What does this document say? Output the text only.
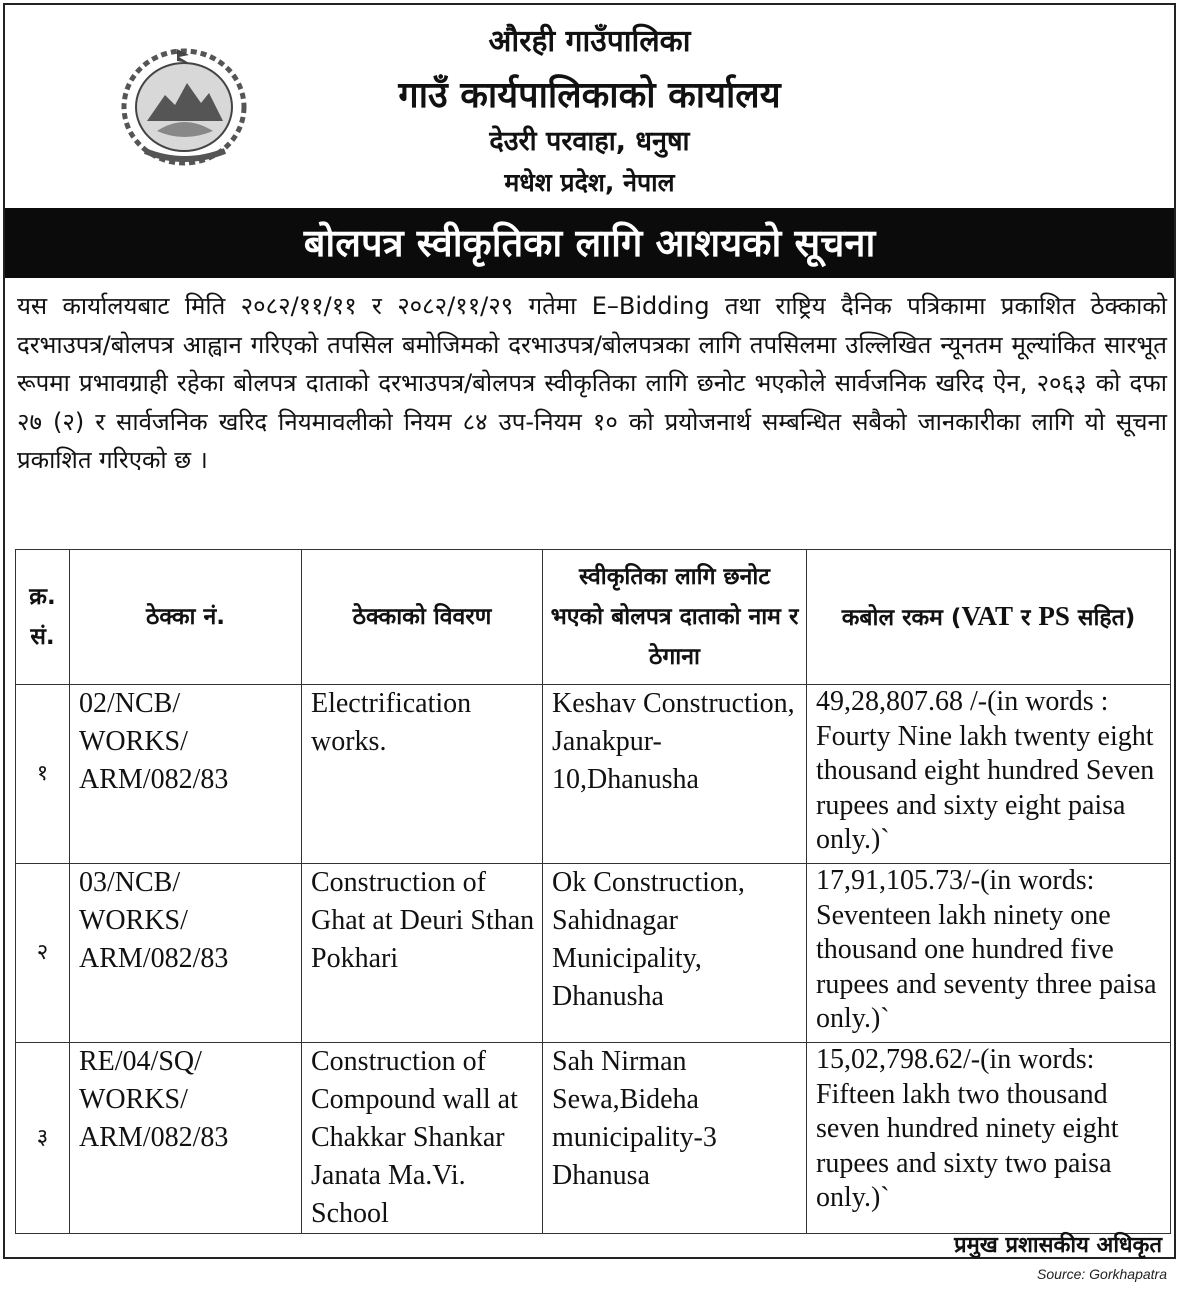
औरही गाउँपालिका
गाउँ कार्यपालिकाको कार्यालय
देउरी परवाहा, धनुषा
मधेश प्रदेश, नेपाल
बोलपत्र स्वीकृतिका लागि आशयको सूचना
यस कार्यालयबाट मिति २०८२/११/११ र २०८२/११/२९ गतेमा E–Bidding तथा राष्ट्रिय दैनिक पत्रिकामा प्रकाशित ठेक्काको दरभाउपत्र/बोलपत्र आह्वान गरिएको तपसिल बमोजिमको दरभाउपत्र/बोलपत्रका लागि तपसिलमा उल्लिखित न्यूनतम मूल्यांकित सारभूत रूपमा प्रभावग्राही रहेका बोलपत्र दाताको दरभाउपत्र/बोलपत्र स्वीकृतिका लागि छनोट भएकोले सार्वजनिक खरिद ऐन, २०६३ को दफा २७ (२) र सार्वजनिक खरिद नियमावलीको नियम ८४ उप-नियम १० को प्रयोजनार्थ सम्बन्धित सबैको जानकारीका लागि यो सूचना प्रकाशित गरिएको छ ।
क्र. सं.	ठेक्का नं.	ठेक्काको विवरण	स्वीकृतिका लागि छनोट भएको बोलपत्र दाताको नाम र ठेगाना	कबोल रकम (VAT र PS सहित)
१	02/NCB/ WORKS/ ARM/082/83	Electrification works.	Keshav Construction, Janakpur-10,Dhanusha	49,28,807.68 /-(in words : Fourty Nine lakh twenty eight thousand eight hundred Seven rupees and sixty eight paisa only.)`
२	03/NCB/ WORKS/ ARM/082/83	Construction of Ghat at Deuri Sthan Pokhari	Ok Construction, Sahidnagar Municipality, Dhanusha	17,91,105.73/-(in words: Seventeen lakh ninety one thousand one hundred five rupees and seventy three paisa only.)`
३	RE/04/SQ/ WORKS/ ARM/082/83	Construction of Compound wall at Chakkar Shankar Janata Ma.Vi. School	Sah Nirman Sewa,Bideha municipality-3 Dhanusa	15,02,798.62/-(in words: Fifteen lakh two thousand seven hundred ninety eight rupees and sixty two paisa only.)`
प्रमुख प्रशासकीय अधिकृत
Source: Gorkhapatra
